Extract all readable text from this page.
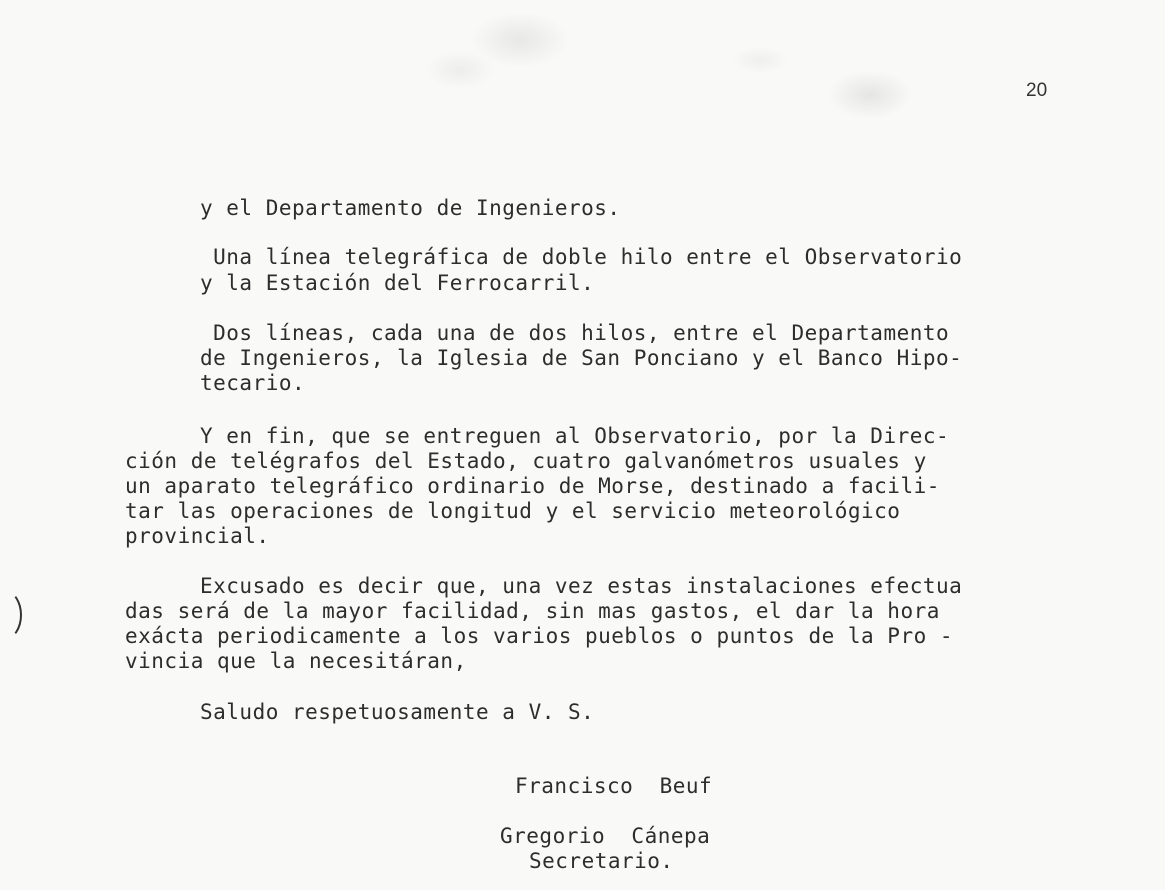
20
y el Departamento de Ingenieros.
Una línea telegráfica de doble hilo entre el Observatorio
y la Estación del Ferrocarril.
Dos líneas, cada una de dos hilos, entre el Departamento
de Ingenieros, la Iglesia de San Ponciano y el Banco Hipo-
tecario.
Y en fin, que se entreguen al Observatorio, por la Direc-
ción de telégrafos del Estado, cuatro galvanómetros usuales y
un aparato telegráfico ordinario de Morse, destinado a facili-
tar las operaciones de longitud y el servicio meteorológico
provincial.
Excusado es decir que, una vez estas instalaciones efectua
das será de la mayor facilidad, sin mas gastos, el dar la hora
exácta periodicamente a los varios pueblos o puntos de la Pro -
vincia que la necesitáran,
Saludo respetuosamente a V. S.
Francisco  Beuf
Gregorio  Cánepa
Secretario.
